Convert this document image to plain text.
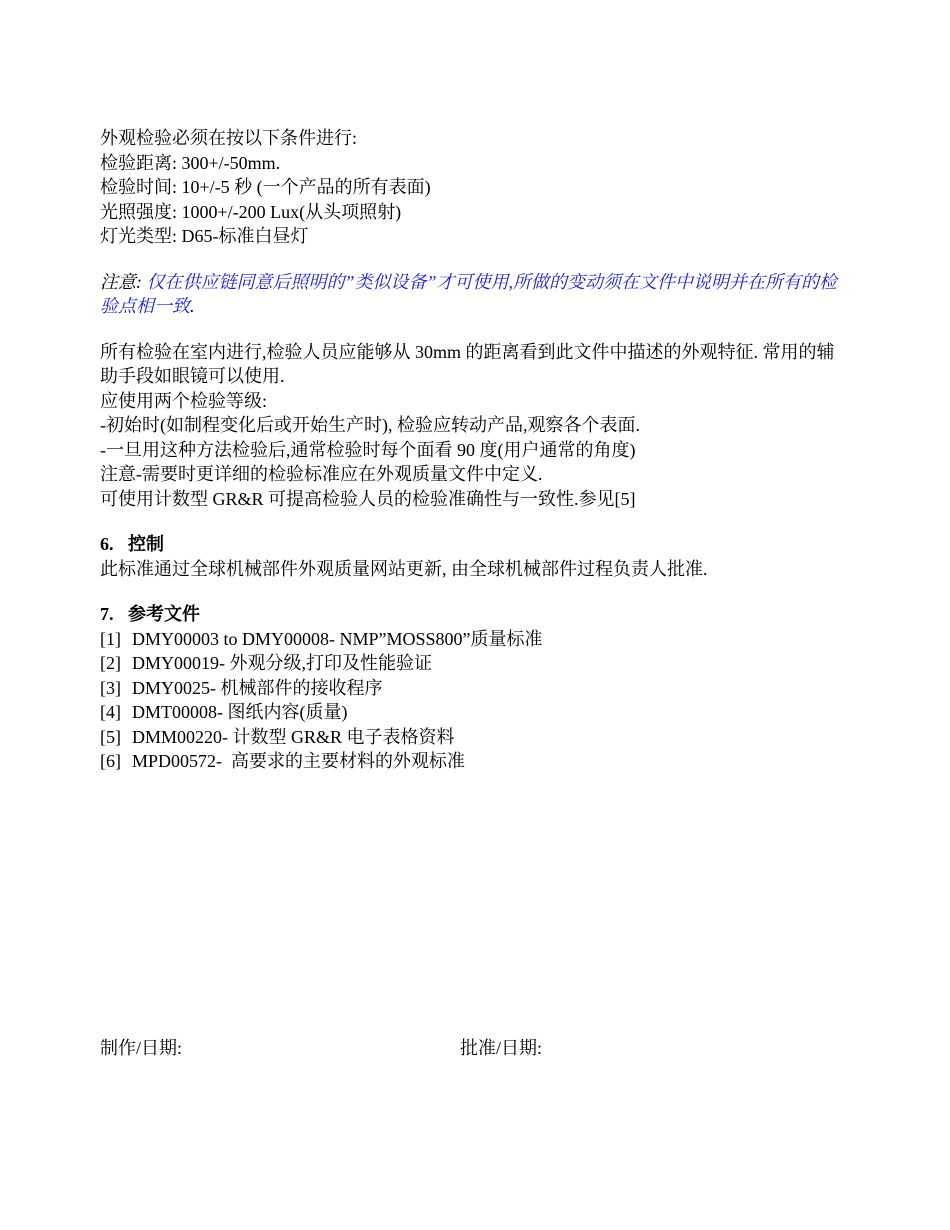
外观检验必须在按以下条件进行:
检验距离: 300+/-50mm.
检验时间: 10+/-5 秒 (一个产品的所有表面)
光照强度: 1000+/-200 Lux(从头项照射)
灯光类型: D65-标准白昼灯
注意: 仅在供应链同意后照明的”类似设备”才可使用,所做的变动须在文件中说明并在所有的检验点相一致.
所有检验在室内进行,检验人员应能够从 30mm 的距离看到此文件中描述的外观特征. 常用的辅助手段如眼镜可以使用.
应使用两个检验等级:
-初始时(如制程变化后或开始生产时), 检验应转动产品,观察各个表面.
-一旦用这种方法检验后,通常检验时每个面看 90 度(用户通常的角度)
注意-需要时更详细的检验标准应在外观质量文件中定义.
可使用计数型 GR&R 可提高检验人员的检验准确性与一致性.参见[5]
6. 控制
此标准通过全球机械部件外观质量网站更新, 由全球机械部件过程负责人批准.
7. 参考文件
[1] DMY00003 to DMY00008- NMP”MOSS800”质量标准
[2] DMY00019- 外观分级,打印及性能验证
[3] DMY0025- 机械部件的接收程序
[4] DMT00008- 图纸内容(质量)
[5] DMM00220- 计数型 GR&R 电子表格资料
[6] MPD00572-  高要求的主要材料的外观标准
制作/日期:	批准/日期:
